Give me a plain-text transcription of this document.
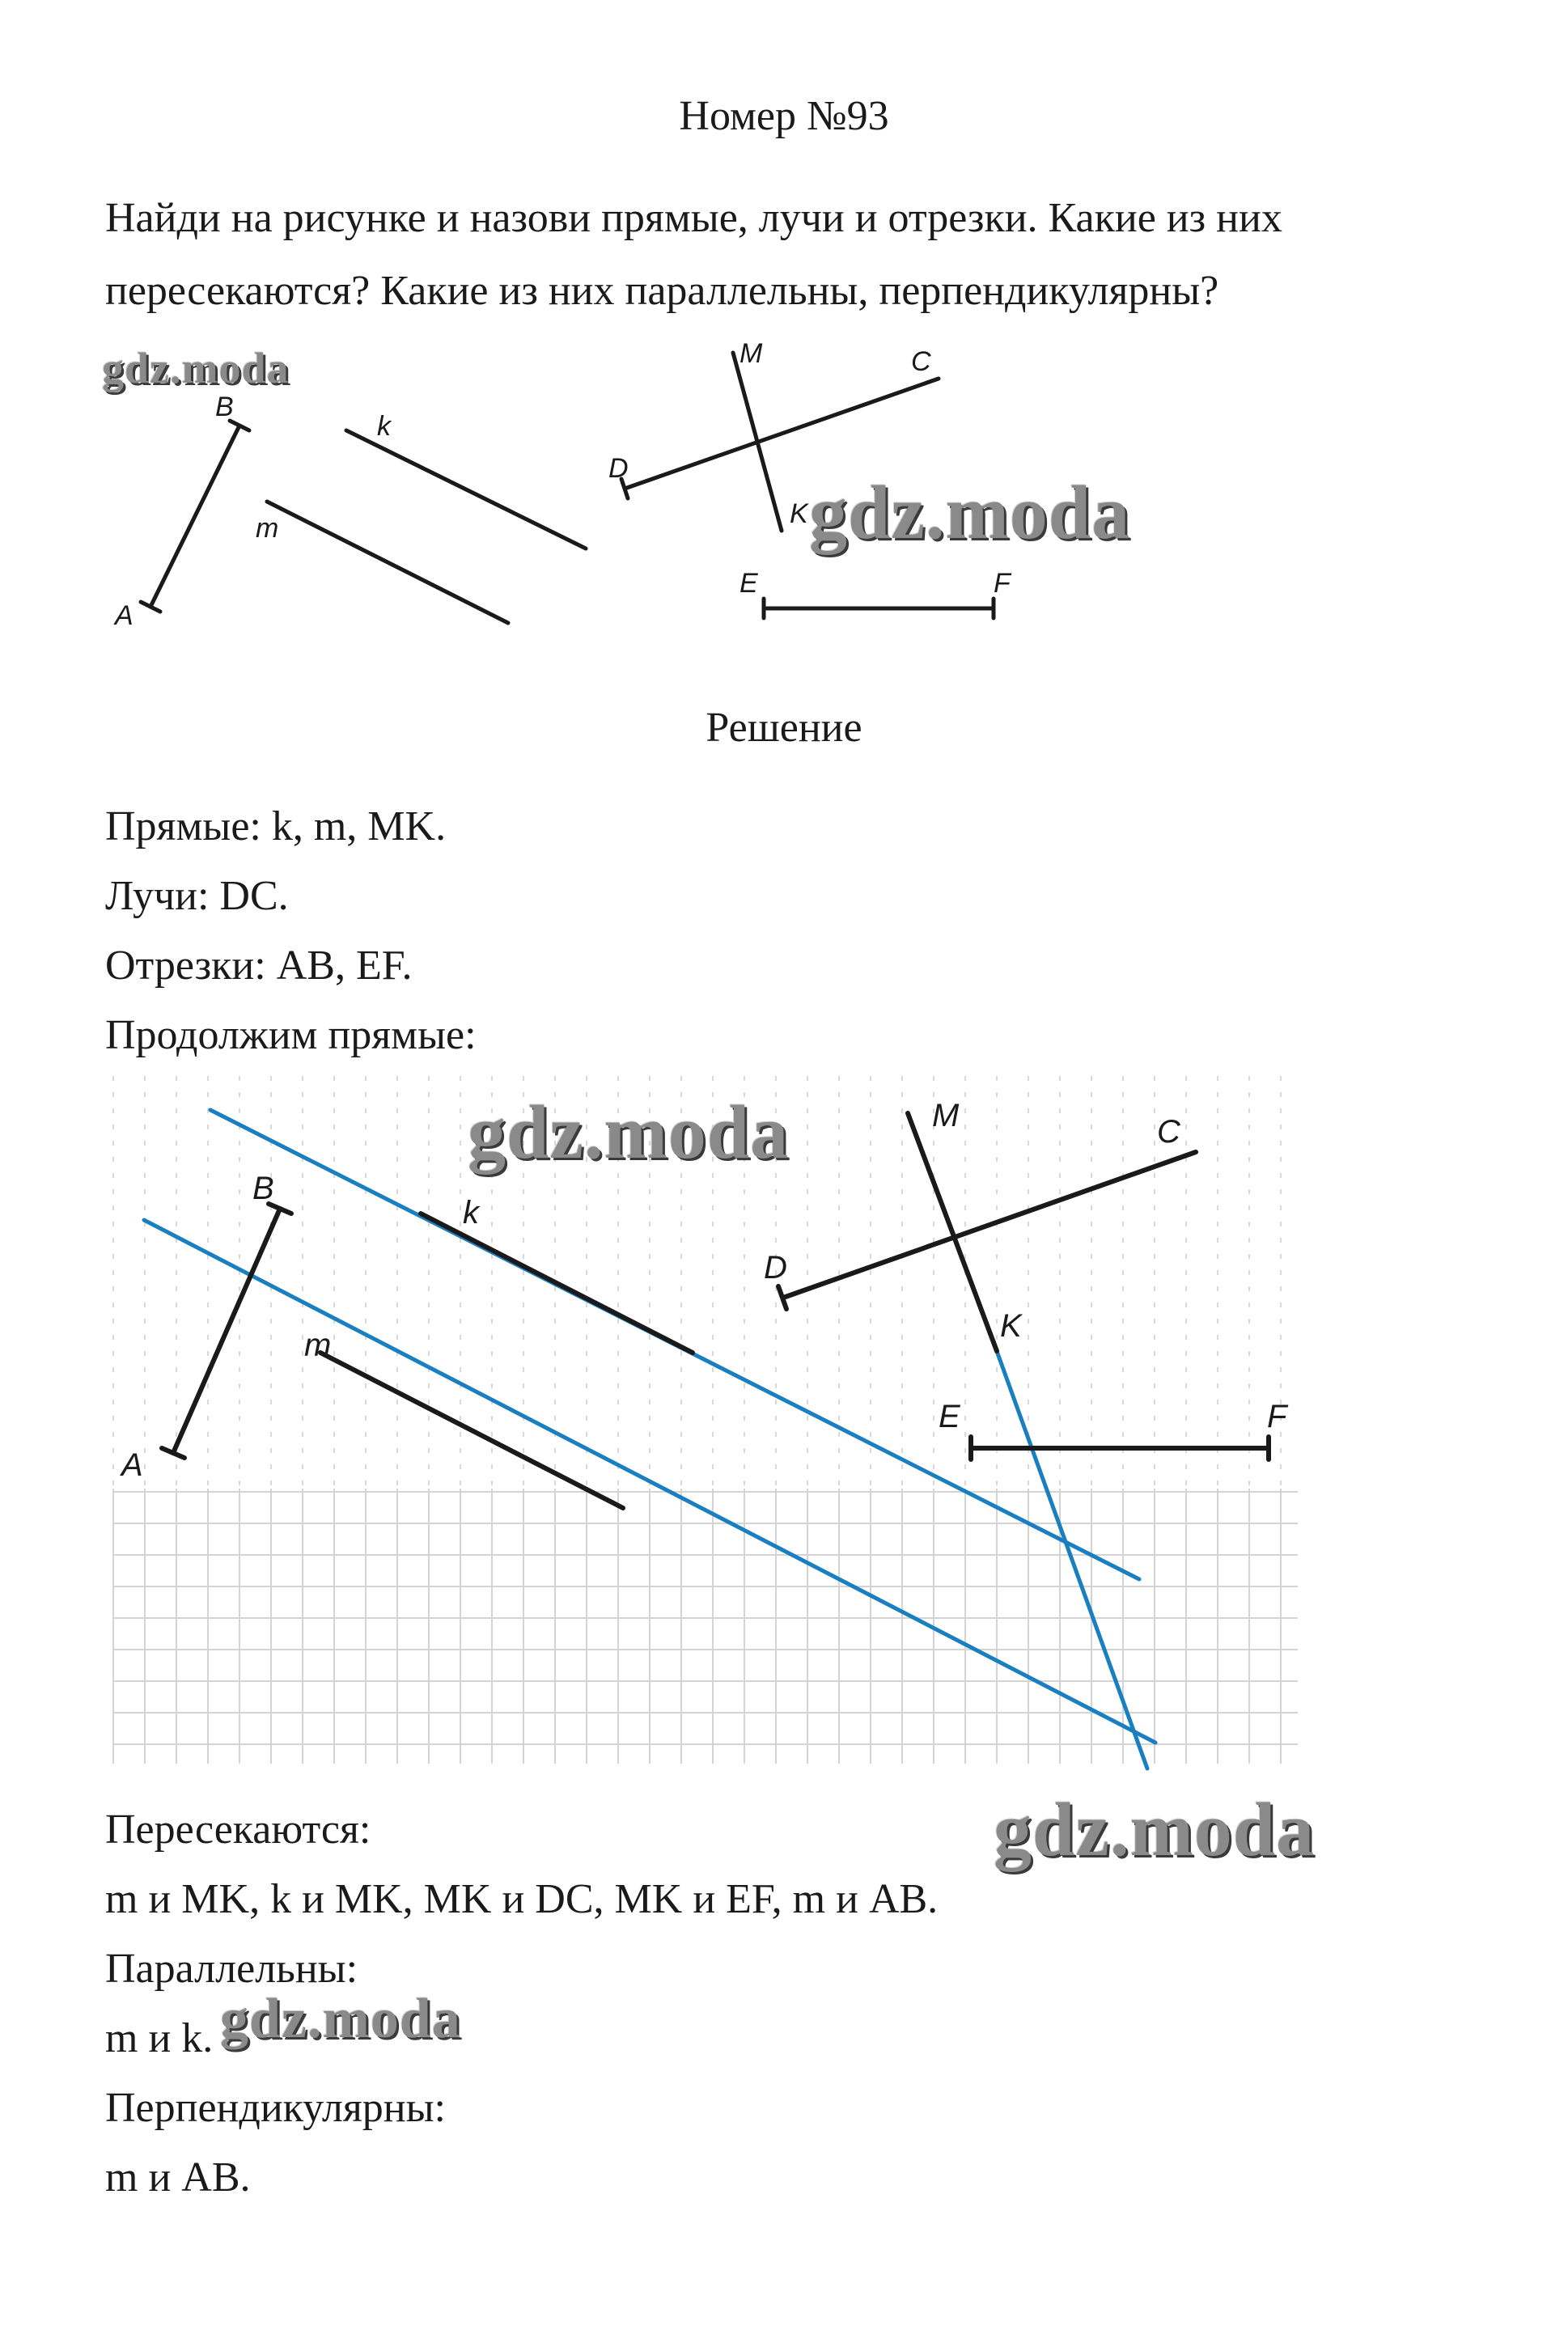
Номер №93
Найди на рисунке и назови прямые, лучи и отрезки. Какие из них
пересекаются? Какие из них параллельны, перпендикулярны?
B
A
k
m
M	C
D
K
E	F
Решение
Прямые: k, m, MK.
Лучи: DC.
Отрезки: AB, EF.
Продолжим прямые:
B
A
k
m
M	C
D
K
E	F
Пересекаются:
m и MK, k и MK, MK и DC, MK и EF, m и AB.
Параллельны:
m и k.
Перпендикулярны:
m и AB.
gdz.moda
gdz.moda
gdz.moda
gdz.moda
gdz.moda
